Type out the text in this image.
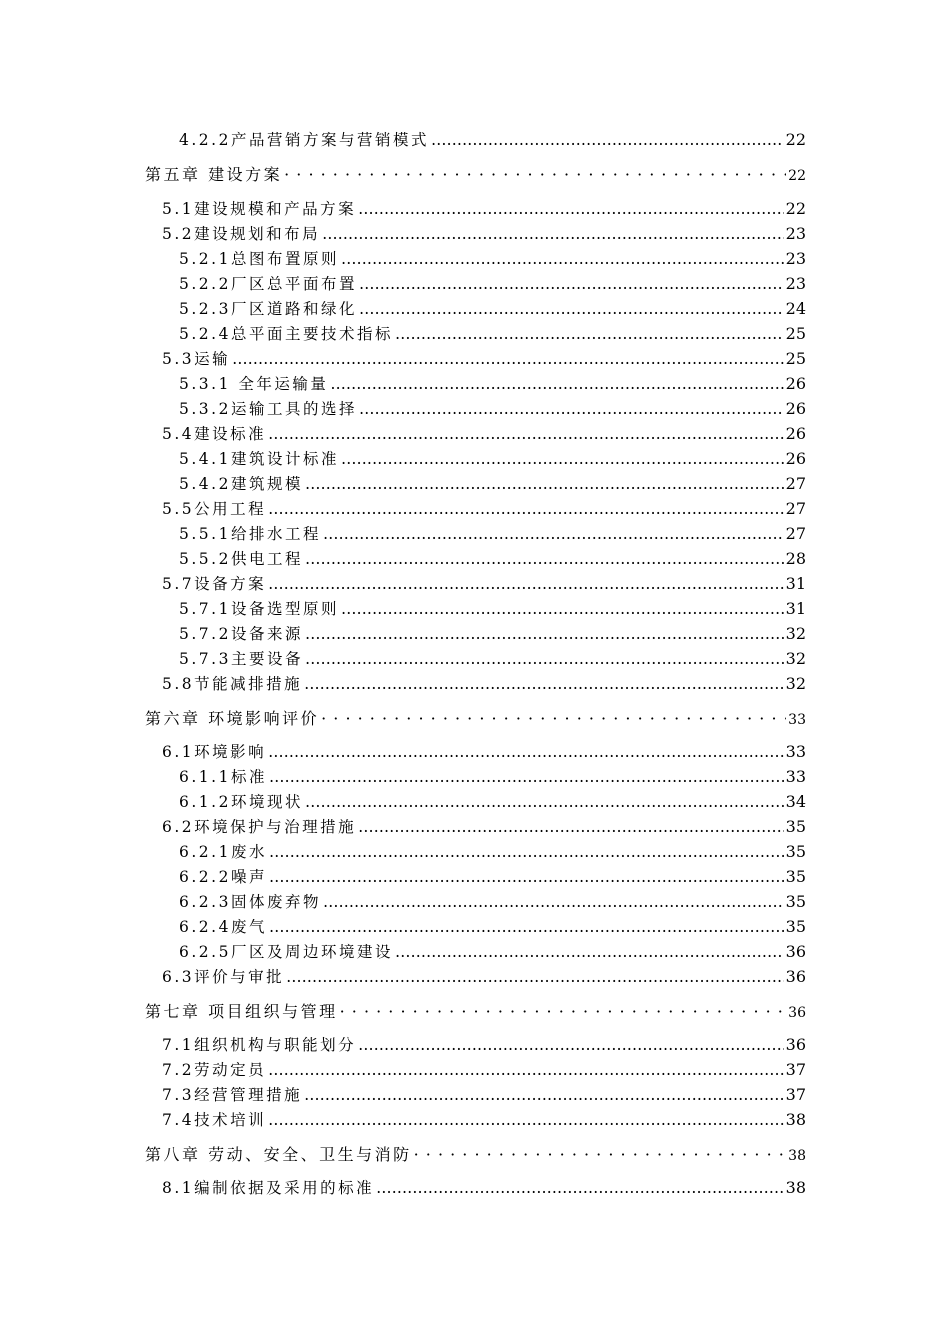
4.2.2产品营销方案与营销模式 …………………………………………………………………………………………………………………………………………………………………………………………	22
第五章 建设方案 · ·	22
5.1建设规模和产品方案 …………………………………………………………………………………………………………………………………………………………………………………………	22
5.2建设规划和布局 …………………………………………………………………………………………………………………………………………………………………………………………	23
5.2.1总图布置原则 …………………………………………………………………………………………………………………………………………………………………………………………	23
5.2.2厂区总平面布置 …………………………………………………………………………………………………………………………………………………………………………………………	23
5.2.3厂区道路和绿化 …………………………………………………………………………………………………………………………………………………………………………………………	24
5.2.4总平面主要技术指标 …………………………………………………………………………………………………………………………………………………………………………………………	25
5.3运输 …………………………………………………………………………………………………………………………………………………………………………………………	25
5.3.1 全年运输量 …………………………………………………………………………………………………………………………………………………………………………………………	26
5.3.2运输工具的选择 …………………………………………………………………………………………………………………………………………………………………………………………	26
5.4建设标准 …………………………………………………………………………………………………………………………………………………………………………………………	26
5.4.1建筑设计标准 …………………………………………………………………………………………………………………………………………………………………………………………	26
5.4.2建筑规模 …………………………………………………………………………………………………………………………………………………………………………………………	27
5.5公用工程 …………………………………………………………………………………………………………………………………………………………………………………………	27
5.5.1给排水工程 …………………………………………………………………………………………………………………………………………………………………………………………	27
5.5.2供电工程 …………………………………………………………………………………………………………………………………………………………………………………………	28
5.7设备方案 …………………………………………………………………………………………………………………………………………………………………………………………	31
5.7.1设备选型原则 …………………………………………………………………………………………………………………………………………………………………………………………	31
5.7.2设备来源 …………………………………………………………………………………………………………………………………………………………………………………………	32
5.7.3主要设备 …………………………………………………………………………………………………………………………………………………………………………………………	32
5.8节能减排措施 …………………………………………………………………………………………………………………………………………………………………………………………	32
第六章 环境影响评价 · ·	33
6.1环境影响 …………………………………………………………………………………………………………………………………………………………………………………………	33
6.1.1标准 …………………………………………………………………………………………………………………………………………………………………………………………	33
6.1.2环境现状 …………………………………………………………………………………………………………………………………………………………………………………………	34
6.2环境保护与治理措施 …………………………………………………………………………………………………………………………………………………………………………………………	35
6.2.1废水 …………………………………………………………………………………………………………………………………………………………………………………………	35
6.2.2噪声 …………………………………………………………………………………………………………………………………………………………………………………………	35
6.2.3固体废弃物 …………………………………………………………………………………………………………………………………………………………………………………………	35
6.2.4废气 …………………………………………………………………………………………………………………………………………………………………………………………	35
6.2.5厂区及周边环境建设 …………………………………………………………………………………………………………………………………………………………………………………………	36
6.3评价与审批 …………………………………………………………………………………………………………………………………………………………………………………………	36
第七章 项目组织与管理 · ·	36
7.1组织机构与职能划分 …………………………………………………………………………………………………………………………………………………………………………………………	36
7.2劳动定员 …………………………………………………………………………………………………………………………………………………………………………………………	37
7.3经营管理措施 …………………………………………………………………………………………………………………………………………………………………………………………	37
7.4技术培训 …………………………………………………………………………………………………………………………………………………………………………………………	38
第八章 劳动、安全、卫生与消防 · ·	38
8.1编制依据及采用的标准 …………………………………………………………………………………………………………………………………………………………………………………………	38
